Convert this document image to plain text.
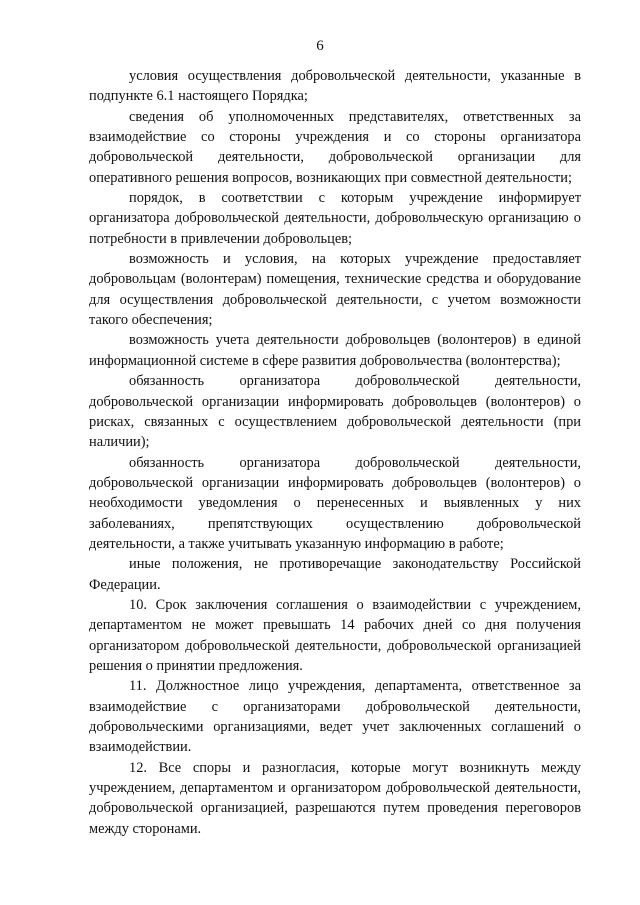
6

условия осуществления добровольческой деятельности, указанные в подпункте 6.1 настоящего Порядка;

сведения об уполномоченных представителях, ответственных за взаимодействие со стороны учреждения и со стороны организатора добровольческой деятельности, добровольческой организации для оперативного решения вопросов, возникающих при совместной деятельности;

порядок, в соответствии с которым учреждение информирует организатора добровольческой деятельности, добровольческую организацию о потребности в привлечении добровольцев;

возможность и условия, на которых учреждение предоставляет добровольцам (волонтерам) помещения, технические средства и оборудование для осуществления добровольческой деятельности, с учетом возможности такого обеспечения;

возможность учета деятельности добровольцев (волонтеров) в единой информационной системе в сфере развития добровольчества (волонтерства);

обязанность организатора добровольческой деятельности, добровольческой организации информировать добровольцев (волонтеров) о рисках, связанных с осуществлением добровольческой деятельности (при наличии);

обязанность организатора добровольческой деятельности, добровольческой организации информировать добровольцев (волонтеров) о необходимости уведомления о перенесенных и выявленных у них заболеваниях, препятствующих осуществлению добровольческой деятельности, а также учитывать указанную информацию в работе;

иные положения, не противоречащие законодательству Российской Федерации.

10. Срок заключения соглашения о взаимодействии с учреждением, департаментом не может превышать 14 рабочих дней со дня получения организатором добровольческой деятельности, добровольческой организацией решения о принятии предложения.

11. Должностное лицо учреждения, департамента, ответственное за взаимодействие с организаторами добровольческой деятельности, добровольческими организациями, ведет учет заключенных соглашений о взаимодействии.

12. Все споры и разногласия, которые могут возникнуть между учреждением, департаментом и организатором добровольческой деятельности, добровольческой организацией, разрешаются путем проведения переговоров между сторонами.
